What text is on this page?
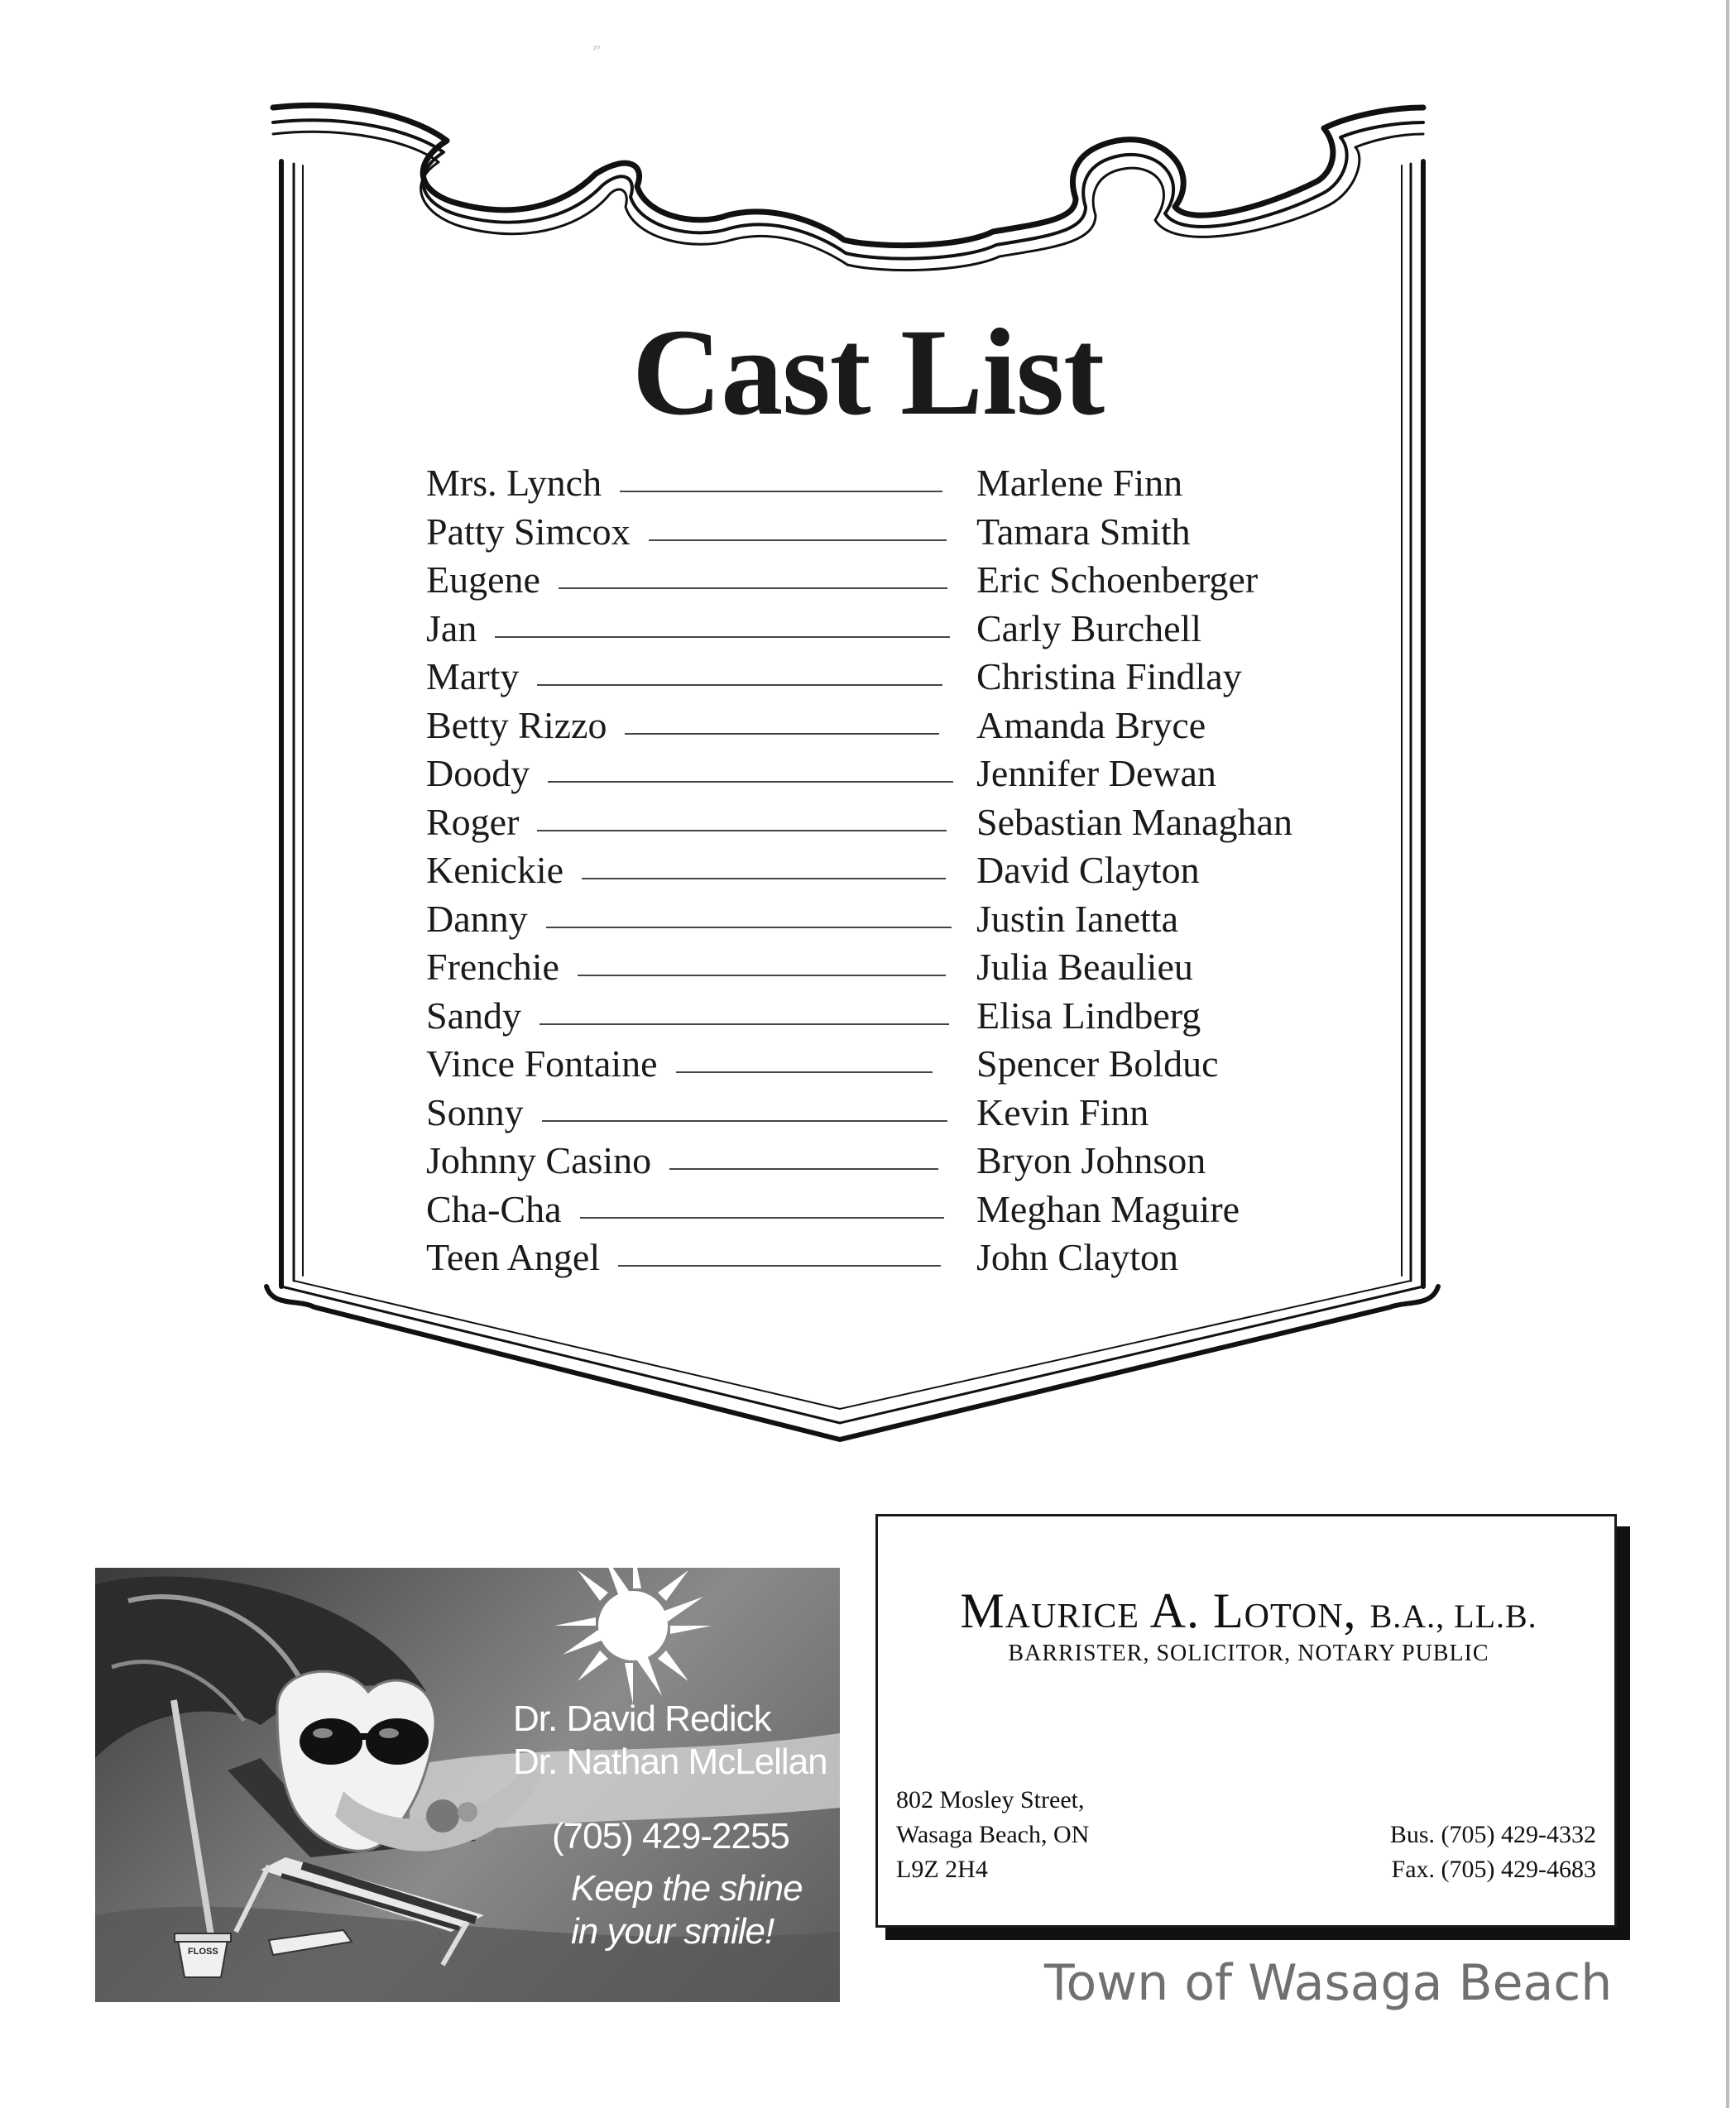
ᵡᵒ
Cast List
Mrs. Lynch	Marlene Finn
Patty Simcox	Tamara Smith
Eugene	Eric Schoenberger
Jan	Carly Burchell
Marty	Christina Findlay
Betty Rizzo	Amanda Bryce
Doody	Jennifer Dewan
Roger	Sebastian Managhan
Kenickie	David Clayton
Danny	Justin Ianetta
Frenchie	Julia Beaulieu
Sandy	Elisa Lindberg
Vince Fontaine	Spencer Bolduc
Sonny	Kevin Finn
Johnny Casino	Bryon Johnson
Cha-Cha	Meghan Maguire
Teen Angel	John Clayton
FLOSS
Dr. David Redick
Dr. Nathan McLellan
(705) 429-2255
Keep the shine
in your smile!
Maurice A. Loton, B.A., LL.B.
BARRISTER, SOLICITOR, NOTARY PUBLIC
802 Mosley Street,
Wasaga Beach, ON
L9Z 2H4
Bus. (705) 429-4332
Fax. (705) 429-4683
Town of Wasaga Beach
